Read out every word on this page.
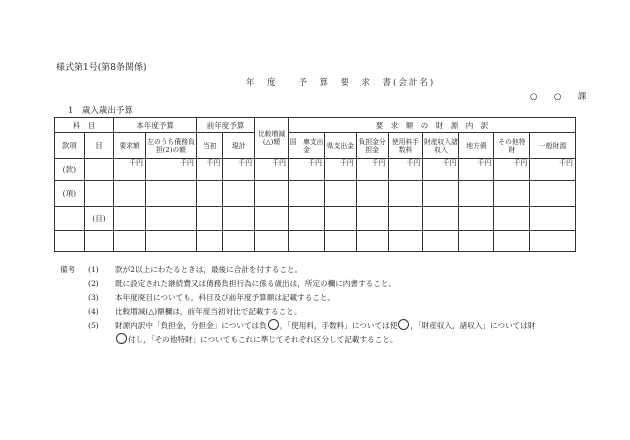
様式第1号(第8条関係)
年　度　　予　算　要　求　書(会計名)
○　○　課
1　歳入歳出予算
科　目		本年度予算		前年度予算		比較増減(△)額	要　求　額　の　財　源　内　訳							
款項	目	要求額	左のうち債務負担(2)の額	当初	現計		国　庫支出金	県支出金	負担金分担金	使用料手数料	財産収入諸収入	地方債	その他特　財	一般財源
(款)		千円	千円	千円	千円	千円	千円	千円	千円	千円	千円	千円	千円	千円
(項)														
	(目)													

備考	(1)	款が2以上にわたるときは，最後に合計を付すること。
(2)	既に設定された継続費又は債務負担行為に係る歳出は，所定の欄に内書すること。
(3)	本年度廃目についても，科目及び前年度予算額は記載すること。
(4)	比較増減(△)額欄は，前年度当初対比で記載すること。
(5)	財源内訳中「負担金，分担金」については 負 ○ ，「使用料，手数料」については 使 ○ ，「財産収入，諸収入」については 財
付し，「その他特財」についてもこれに準じてそれぞれ区分して記載すること。
